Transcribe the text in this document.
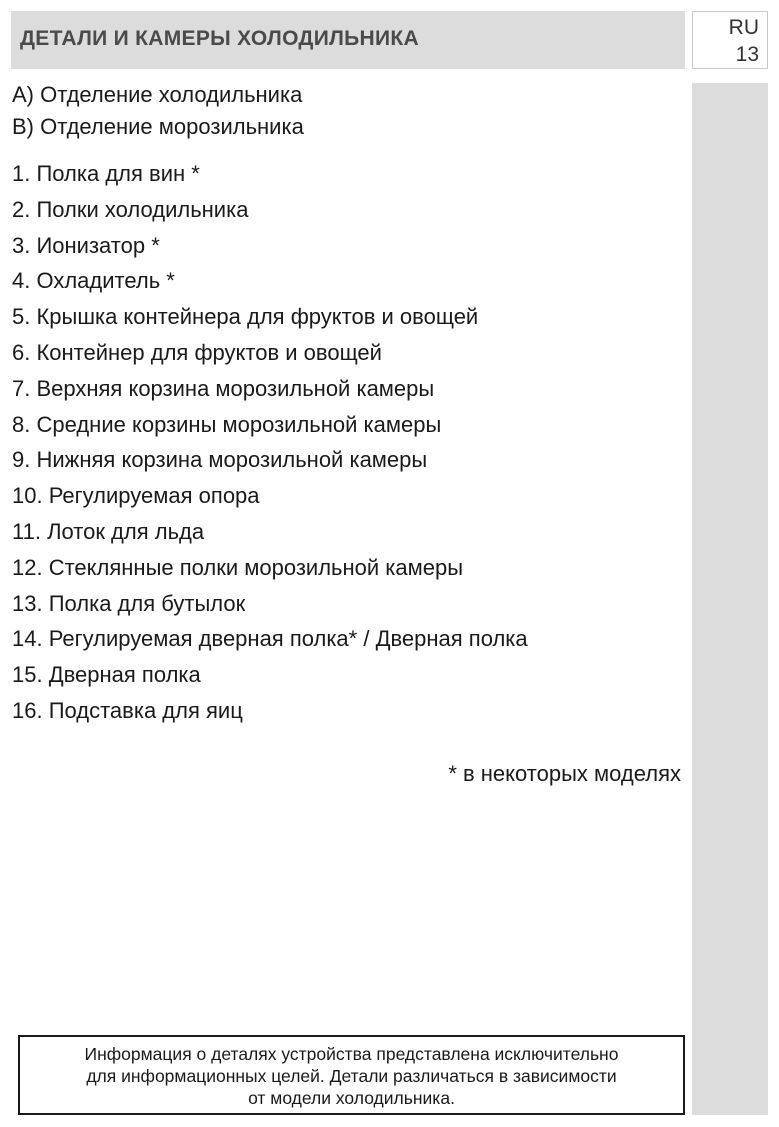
ДЕТАЛИ И КАМЕРЫ ХОЛОДИЛЬНИКА	RU
13
A) Отделение холодильника
B) Отделение морозильника
1. Полка для вин *
2. Полки холодильника
3. Ионизатор *
4. Охладитель *
5. Крышка контейнера для фруктов и овощей
6. Контейнер для фруктов и овощей
7. Верхняя корзина морозильной камеры
8. Средние корзины морозильной камеры
9. Нижняя корзина морозильной камеры
10. Регулируемая опора
11. Лоток для льда
12. Стеклянные полки морозильной камеры
13. Полка для бутылок
14. Регулируемая дверная полка* / Дверная полка
15. Дверная полка
16. Подставка для яиц
* в некоторых моделях
Информация о деталях устройства представлена исключительно
для информационных целей. Детали различаться в зависимости
от модели холодильника.
